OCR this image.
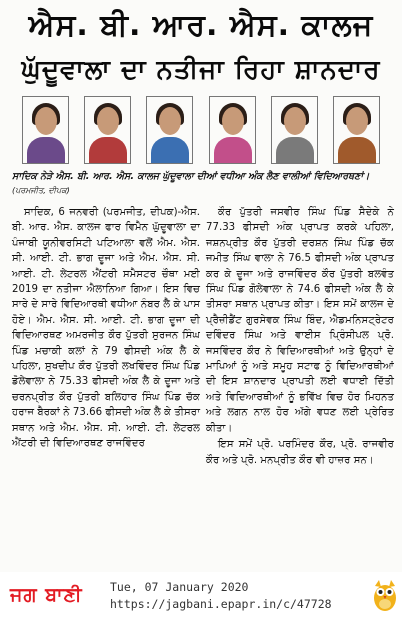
ਐਸ. ਬੀ. ਆਰ. ਐਸ. ਕਾਲਜ
ਘੁੱਦੂਵਾਲਾ ਦਾ ਨਤੀਜਾ ਰਿਹਾ ਸ਼ਾਨਦਾਰ
ਸਾਦਿਕ ਨੇੜੇ ਐਸ. ਬੀ. ਆਰ. ਐਸ. ਕਾਲਜ ਘੁੱਦੂਵਾਲਾ ਦੀਆਂ ਵਧੀਆ ਅੰਕ ਲੈਣ ਵਾਲੀਆਂ ਵਿਦਿਆਰਥਣਾਂ। (ਪਰਮਜੀਤ, ਦੀਪਕ)

ਸਾਦਿਕ, 6 ਜਨਵਰੀ (ਪਰਮਜੀਤ, ਦੀਪਕ)-ਐਸ. ਬੀ. ਆਰ. ਐਸ. ਕਾਲਜ ਫਾਰ ਵਿਮੈਨ ਘੁੱਦੂਵਾਲਾ ਦਾ ਪੰਜਾਬੀ ਯੂਨੀਵਰਸਿਟੀ ਪਟਿਆਲਾ ਵਲੋਂ ਐਮ. ਐਸ. ਸੀ. ਆਈ. ਟੀ. ਭਾਗ ਦੂਜਾ ਅਤੇ ਐਮ. ਐਸ. ਸੀ. ਆਈ. ਟੀ. ਲੇਟਰਲ ਐਂਟਰੀ ਸਮੈਸਟਰ ਚੌਥਾ ਮਈ 2019 ਦਾ ਨਤੀਜਾ ਐਲਾਨਿਆ ਗਿਆ। ਇਸ ਵਿਚ ਸਾਰੇ ਦੇ ਸਾਰੇ ਵਿਦਿਆਰਥੀ ਵਧੀਆ ਨੰਬਰ ਲੈ ਕੇ ਪਾਸ ਹੋਏ। ਐਮ. ਐਸ. ਸੀ. ਆਈ. ਟੀ. ਭਾਗ ਦੂਜਾ ਦੀ ਵਿਦਿਆਰਥਣ ਅਮਰਜੀਤ ਕੌਰ ਪੁੱਤਰੀ ਸੁਰਜਨ ਸਿੰਘ ਪਿੰਡ ਮਚਾਕੀ ਕਲਾਂ ਨੇ 79 ਫੀਸਦੀ ਅੰਕ ਲੈ ਕੇ ਪਹਿਲਾ, ਸੁਖਦੀਪ ਕੌਰ ਪੁੱਤਰੀ ਲਖਵਿੰਦਰ ਸਿੰਘ ਪਿੰਡ ਡੋਲੇਵਾਲਾ ਨੇ 75.33 ਫੀਸਦੀ ਅੰਕ ਲੈ ਕੇ ਦੂਜਾ ਅਤੇ ਚਰਨਪ੍ਰੀਤ ਕੌਰ ਪੁੱਤਰੀ ਬਲਿਹਾਰ ਸਿੰਘ ਪਿੰਡ ਚੱਕ ਹਰਾਜ ਬੈਰਕਾਂ ਨੇ 73.66 ਫੀਸਦੀ ਅੰਕ ਲੈ ਕੇ ਤੀਸਰਾ ਸਥਾਨ ਅਤੇ ਐਮ. ਐਸ. ਸੀ. ਆਈ. ਟੀ. ਲੇਟਰਲ ਐਂਟਰੀ ਦੀ ਵਿਦਿਆਰਥਣ ਰਾਜਵਿੰਦਰ

ਕੌਰ ਪੁੱਤਰੀ ਜਸਵੀਰ ਸਿੰਘ ਪਿੰਡ ਸੈਦੇਕੇ ਨੇ 77.33 ਫੀਸਦੀ ਅੰਕ ਪ੍ਰਾਪਤ ਕਰਕੇ ਪਹਿਲਾ, ਜਸ਼ਨਪ੍ਰੀਤ ਕੌਰ ਪੁੱਤਰੀ ਦਰਸ਼ਨ ਸਿੰਘ ਪਿੰਡ ਚੱਕ ਜਮੀਤ ਸਿੰਘ ਵਾਲਾ ਨੇ 76.5 ਫੀਸਦੀ ਅੰਕ ਪ੍ਰਾਪਤ ਕਰ ਕੇ ਦੂਜਾ ਅਤੇ ਰਾਜਵਿੰਦਰ ਕੌਰ ਪੁੱਤਰੀ ਬਲਵੰਤ ਸਿੰਘ ਪਿੰਡ ਗੋਲੇਵਾਲਾ ਨੇ 74.6 ਫੀਸਦੀ ਅੰਕ ਲੈ ਕੇ ਤੀਸਰਾ ਸਥਾਨ ਪ੍ਰਾਪਤ ਕੀਤਾ। ਇਸ ਸਮੇਂ ਕਾਲਜ ਦੇ ਪ੍ਰੈਜ਼ੀਡੈਂਟ ਗੁਰਸੇਵਕ ਸਿੰਘ ਬਿੰਦ, ਐਡਮਨਿਸਟ੍ਰੇਟਰ ਦਵਿੰਦਰ ਸਿੰਘ ਅਤੇ ਵਾਈਸ ਪ੍ਰਿੰਸੀਪਲ ਪ੍ਰੋ. ਜਸਵਿੰਦਰ ਕੌਰ ਨੇ ਵਿਦਿਆਰਥੀਆਂ ਅਤੇ ਉਨ੍ਹਾਂ ਦੇ ਮਾਪਿਆਂ ਨੂੰ ਅਤੇ ਸਮੂਹ ਸਟਾਫ ਨੂੰ ਵਿਦਿਆਰਥੀਆਂ ਦੀ ਇਸ ਸ਼ਾਨਦਾਰ ਪ੍ਰਾਪਤੀ ਲਈ ਵਧਾਈ ਦਿੱਤੀ ਅਤੇ ਵਿਦਿਆਰਥੀਆਂ ਨੂੰ ਭਵਿੱਖ ਵਿਚ ਹੋਰ ਮਿਹਨਤ ਅਤੇ ਲਗਨ ਨਾਲ ਹੋਰ ਅੱਗੇ ਵਧਣ ਲਈ ਪ੍ਰੇਰਿਤ ਕੀਤਾ।

ਇਸ ਸਮੇਂ ਪ੍ਰੋ. ਪਰਮਿੰਦਰ ਕੌਰ, ਪ੍ਰੋ. ਰਾਜਵੀਰ ਕੌਰ ਅਤੇ ਪ੍ਰੋ. ਮਨਪ੍ਰੀਤ ਕੌਰ ਵੀ ਹਾਜ਼ਰ ਸਨ।

ਜਗ ਬਾਣੀ Tue, 07 January 2020
https://jagbani.epapr.in/c/47728
